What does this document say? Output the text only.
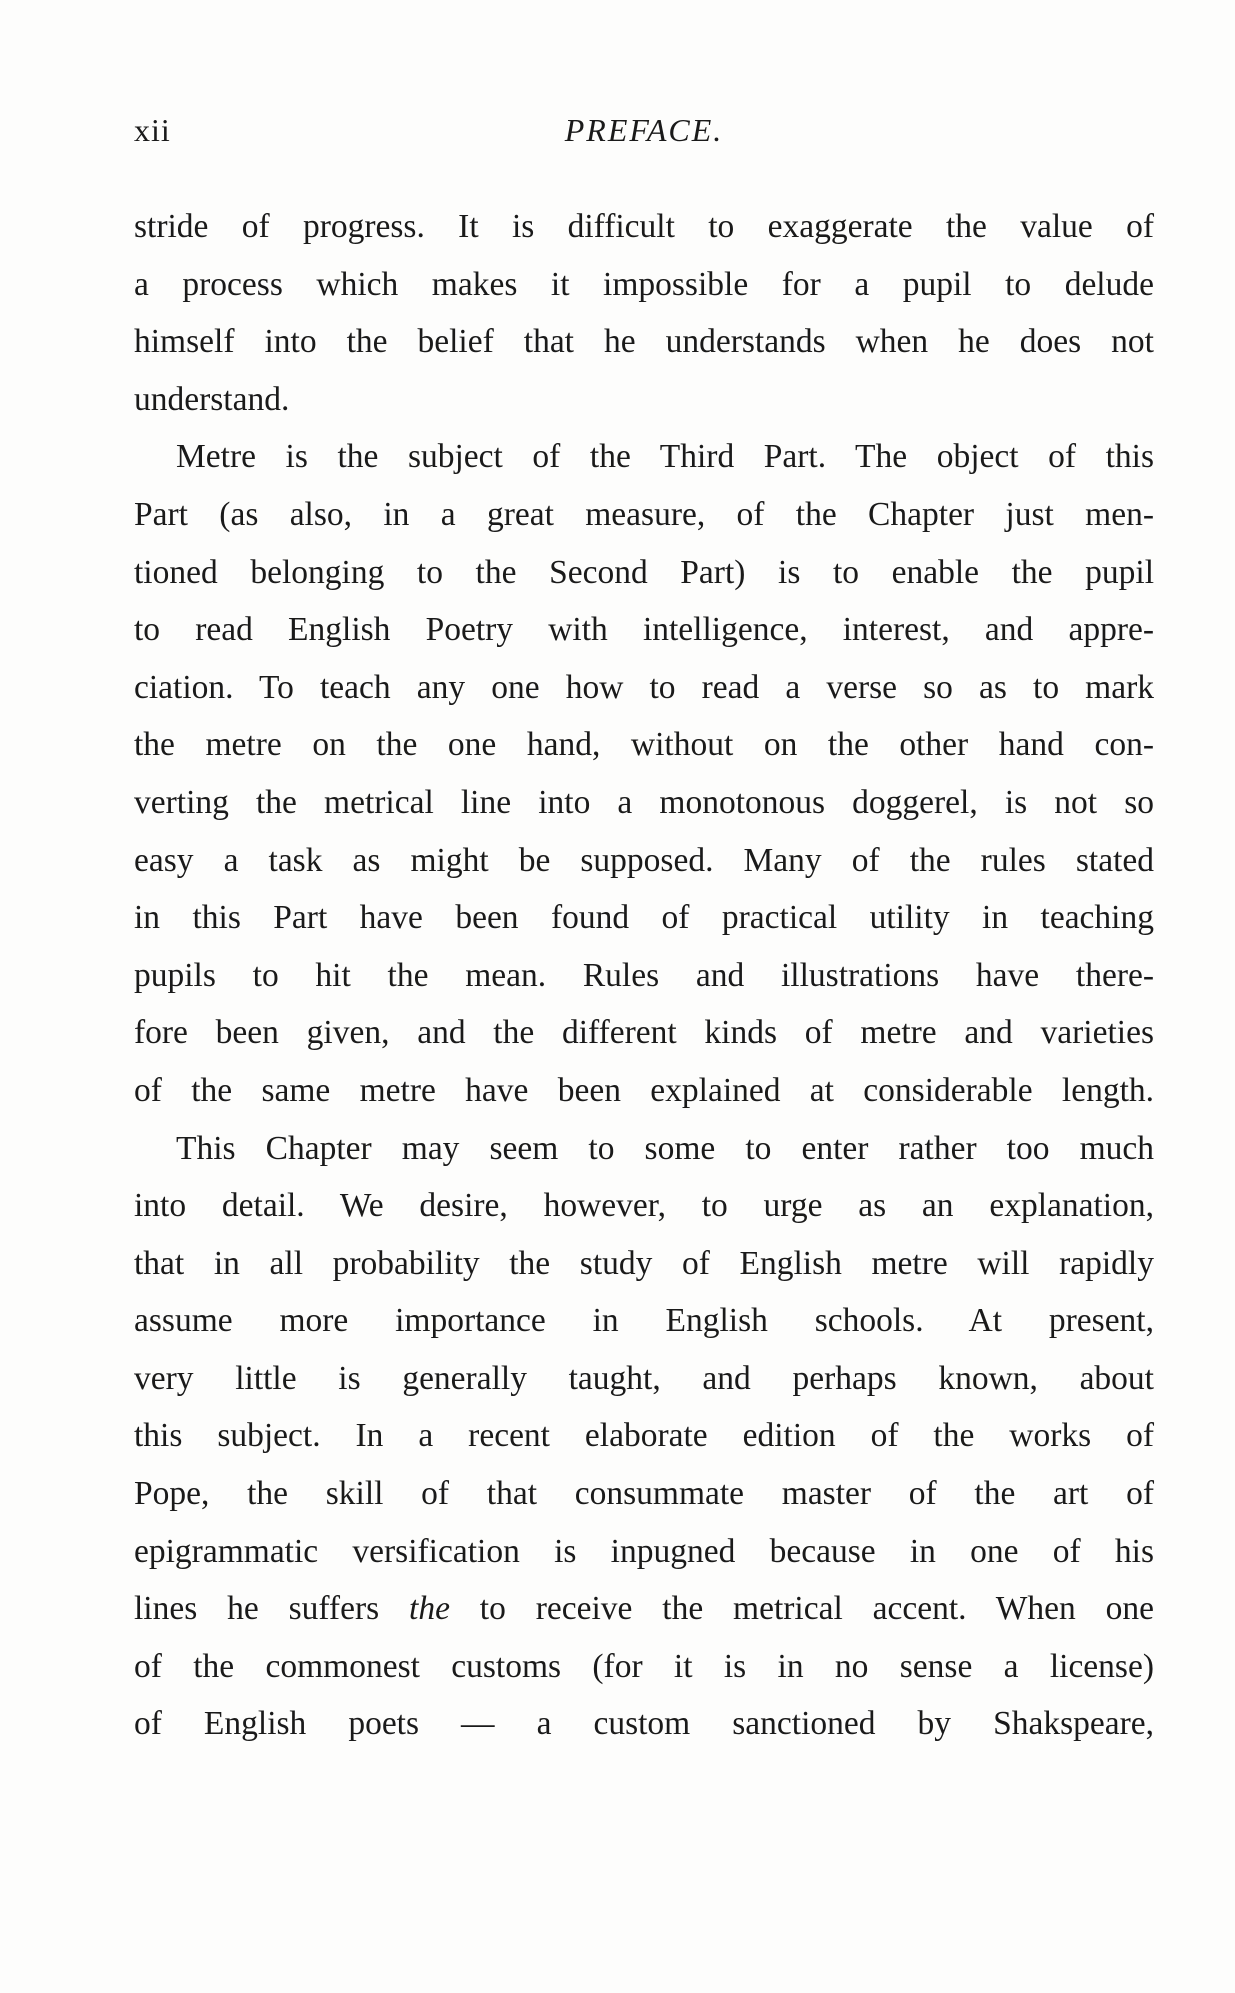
xii	PREFACE.

stride of progress. It is difficult to exaggerate the value of
a process which makes it impossible for a pupil to delude
himself into the belief that he understands when he does not
understand.

Metre is the subject of the Third Part. The object of this
Part (as also, in a great measure, of the Chapter just men-
tioned belonging to the Second Part) is to enable the pupil
to read English Poetry with intelligence, interest, and appre-
ciation. To teach any one how to read a verse so as to mark
the metre on the one hand, without on the other hand con-
verting the metrical line into a monotonous doggerel, is not so
easy a task as might be supposed. Many of the rules stated
in this Part have been found of practical utility in teaching
pupils to hit the mean. Rules and illustrations have there-
fore been given, and the different kinds of metre and varieties
of the same metre have been explained at considerable length.

This Chapter may seem to some to enter rather too much
into detail. We desire, however, to urge as an explanation,
that in all probability the study of English metre will rapidly
assume more importance in English schools. At present,
very little is generally taught, and perhaps known, about
this subject. In a recent elaborate edition of the works of
Pope, the skill of that consummate master of the art of
epigrammatic versification is inpugned because in one of his
lines he suffers the to receive the metrical accent. When one
of the commonest customs (for it is in no sense a license)
of English poets — a custom sanctioned by Shakspeare,
